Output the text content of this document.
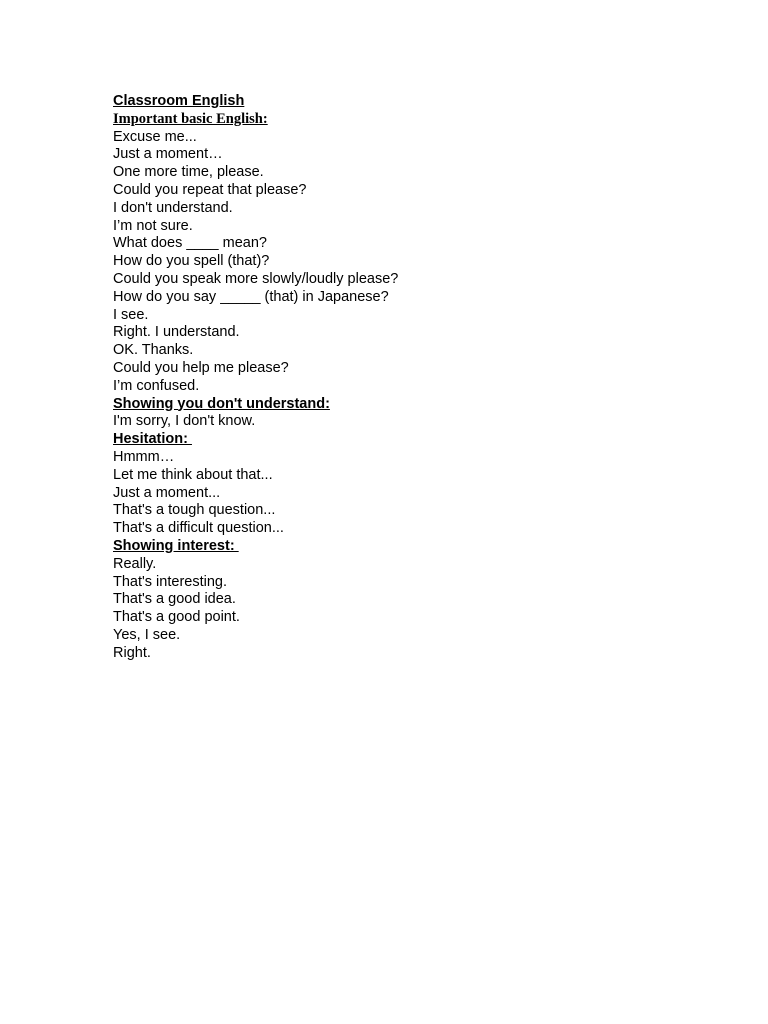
Classroom English
Important basic English:
Excuse me...
Just a moment…
One more time, please.
Could you repeat that please?
I don't understand.
I’m not sure.
What does ____ mean?
How do you spell (that)?
Could you speak more slowly/loudly please?
How do you say _____ (that) in Japanese?
I see.
Right. I understand.
OK. Thanks.
Could you help me please?
I’m confused.
Showing you don't understand:
I'm sorry, I don't know.
Hesitation:
Hmmm…
Let me think about that...
Just a moment...
That's a tough question...
That's a difficult question...
Showing interest:
Really.
That's interesting.
That's a good idea.
That's a good point.
Yes, I see.
Right.
